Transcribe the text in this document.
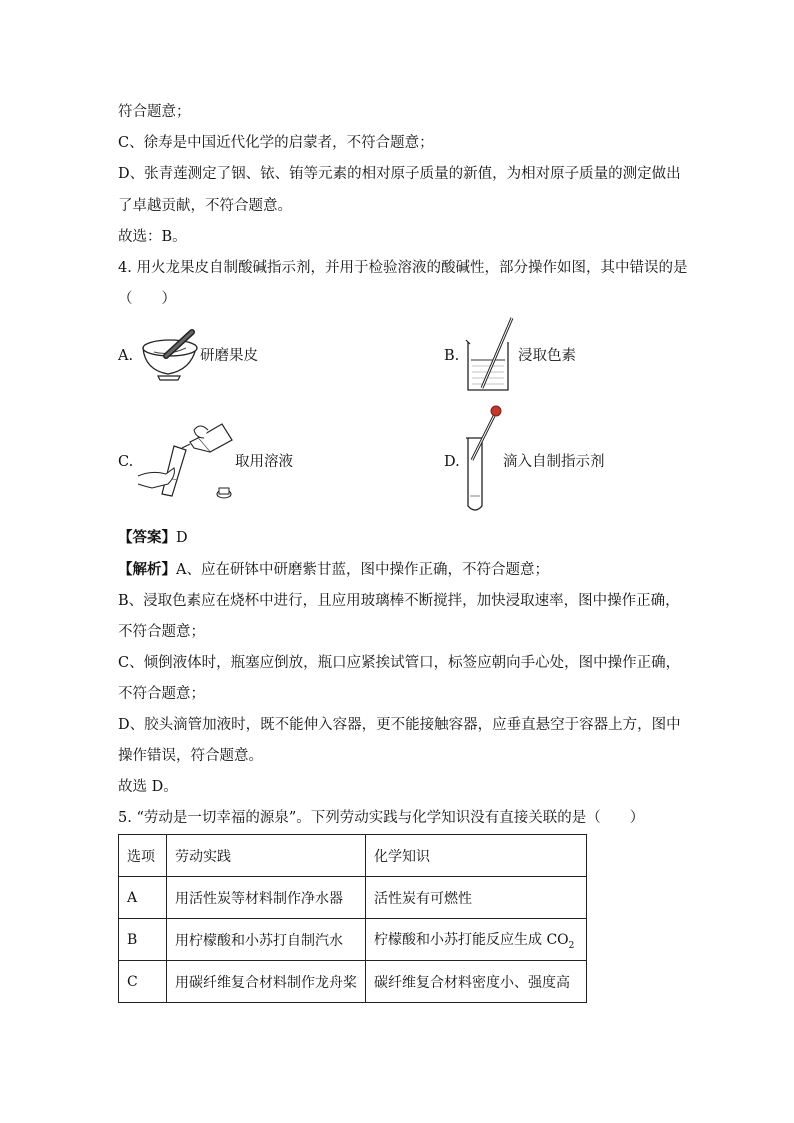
符合题意；
C、徐寿是中国近代化学的启蒙者，不符合题意；
D、张青莲测定了铟、铱、铕等元素的相对原子质量的新值，为相对原子质量的测定做出
了卓越贡献，不符合题意。
故选：B。
4. 用火龙果皮自制酸碱指示剂，并用于检验溶液的酸碱性，部分操作如图，其中错误的是
（　　）
A.	研磨果皮	B.	浸取色素
C.	取用溶液	D.	滴入自制指示剂
【答案】D
【解析】A、应在研钵中研磨紫甘蓝，图中操作正确，不符合题意；
B、浸取色素应在烧杯中进行，且应用玻璃棒不断搅拌，加快浸取速率，图中操作正确，
不符合题意；
C、倾倒液体时，瓶塞应倒放，瓶口应紧挨试管口，标签应朝向手心处，图中操作正确，
不符合题意；
D、胶头滴管加液时，既不能伸入容器，更不能接触容器，应垂直悬空于容器上方，图中
操作错误，符合题意。
故选 D。
5. “劳动是一切幸福的源泉”。下列劳动实践与化学知识没有直接关联的是（　　）
选项	劳动实践	化学知识
A	用活性炭等材料制作净水器	活性炭有可燃性
B	用柠檬酸和小苏打自制汽水	柠檬酸和小苏打能反应生成 $CO_2$
C	用碳纤维复合材料制作龙舟桨	碳纤维复合材料密度小、强度高
